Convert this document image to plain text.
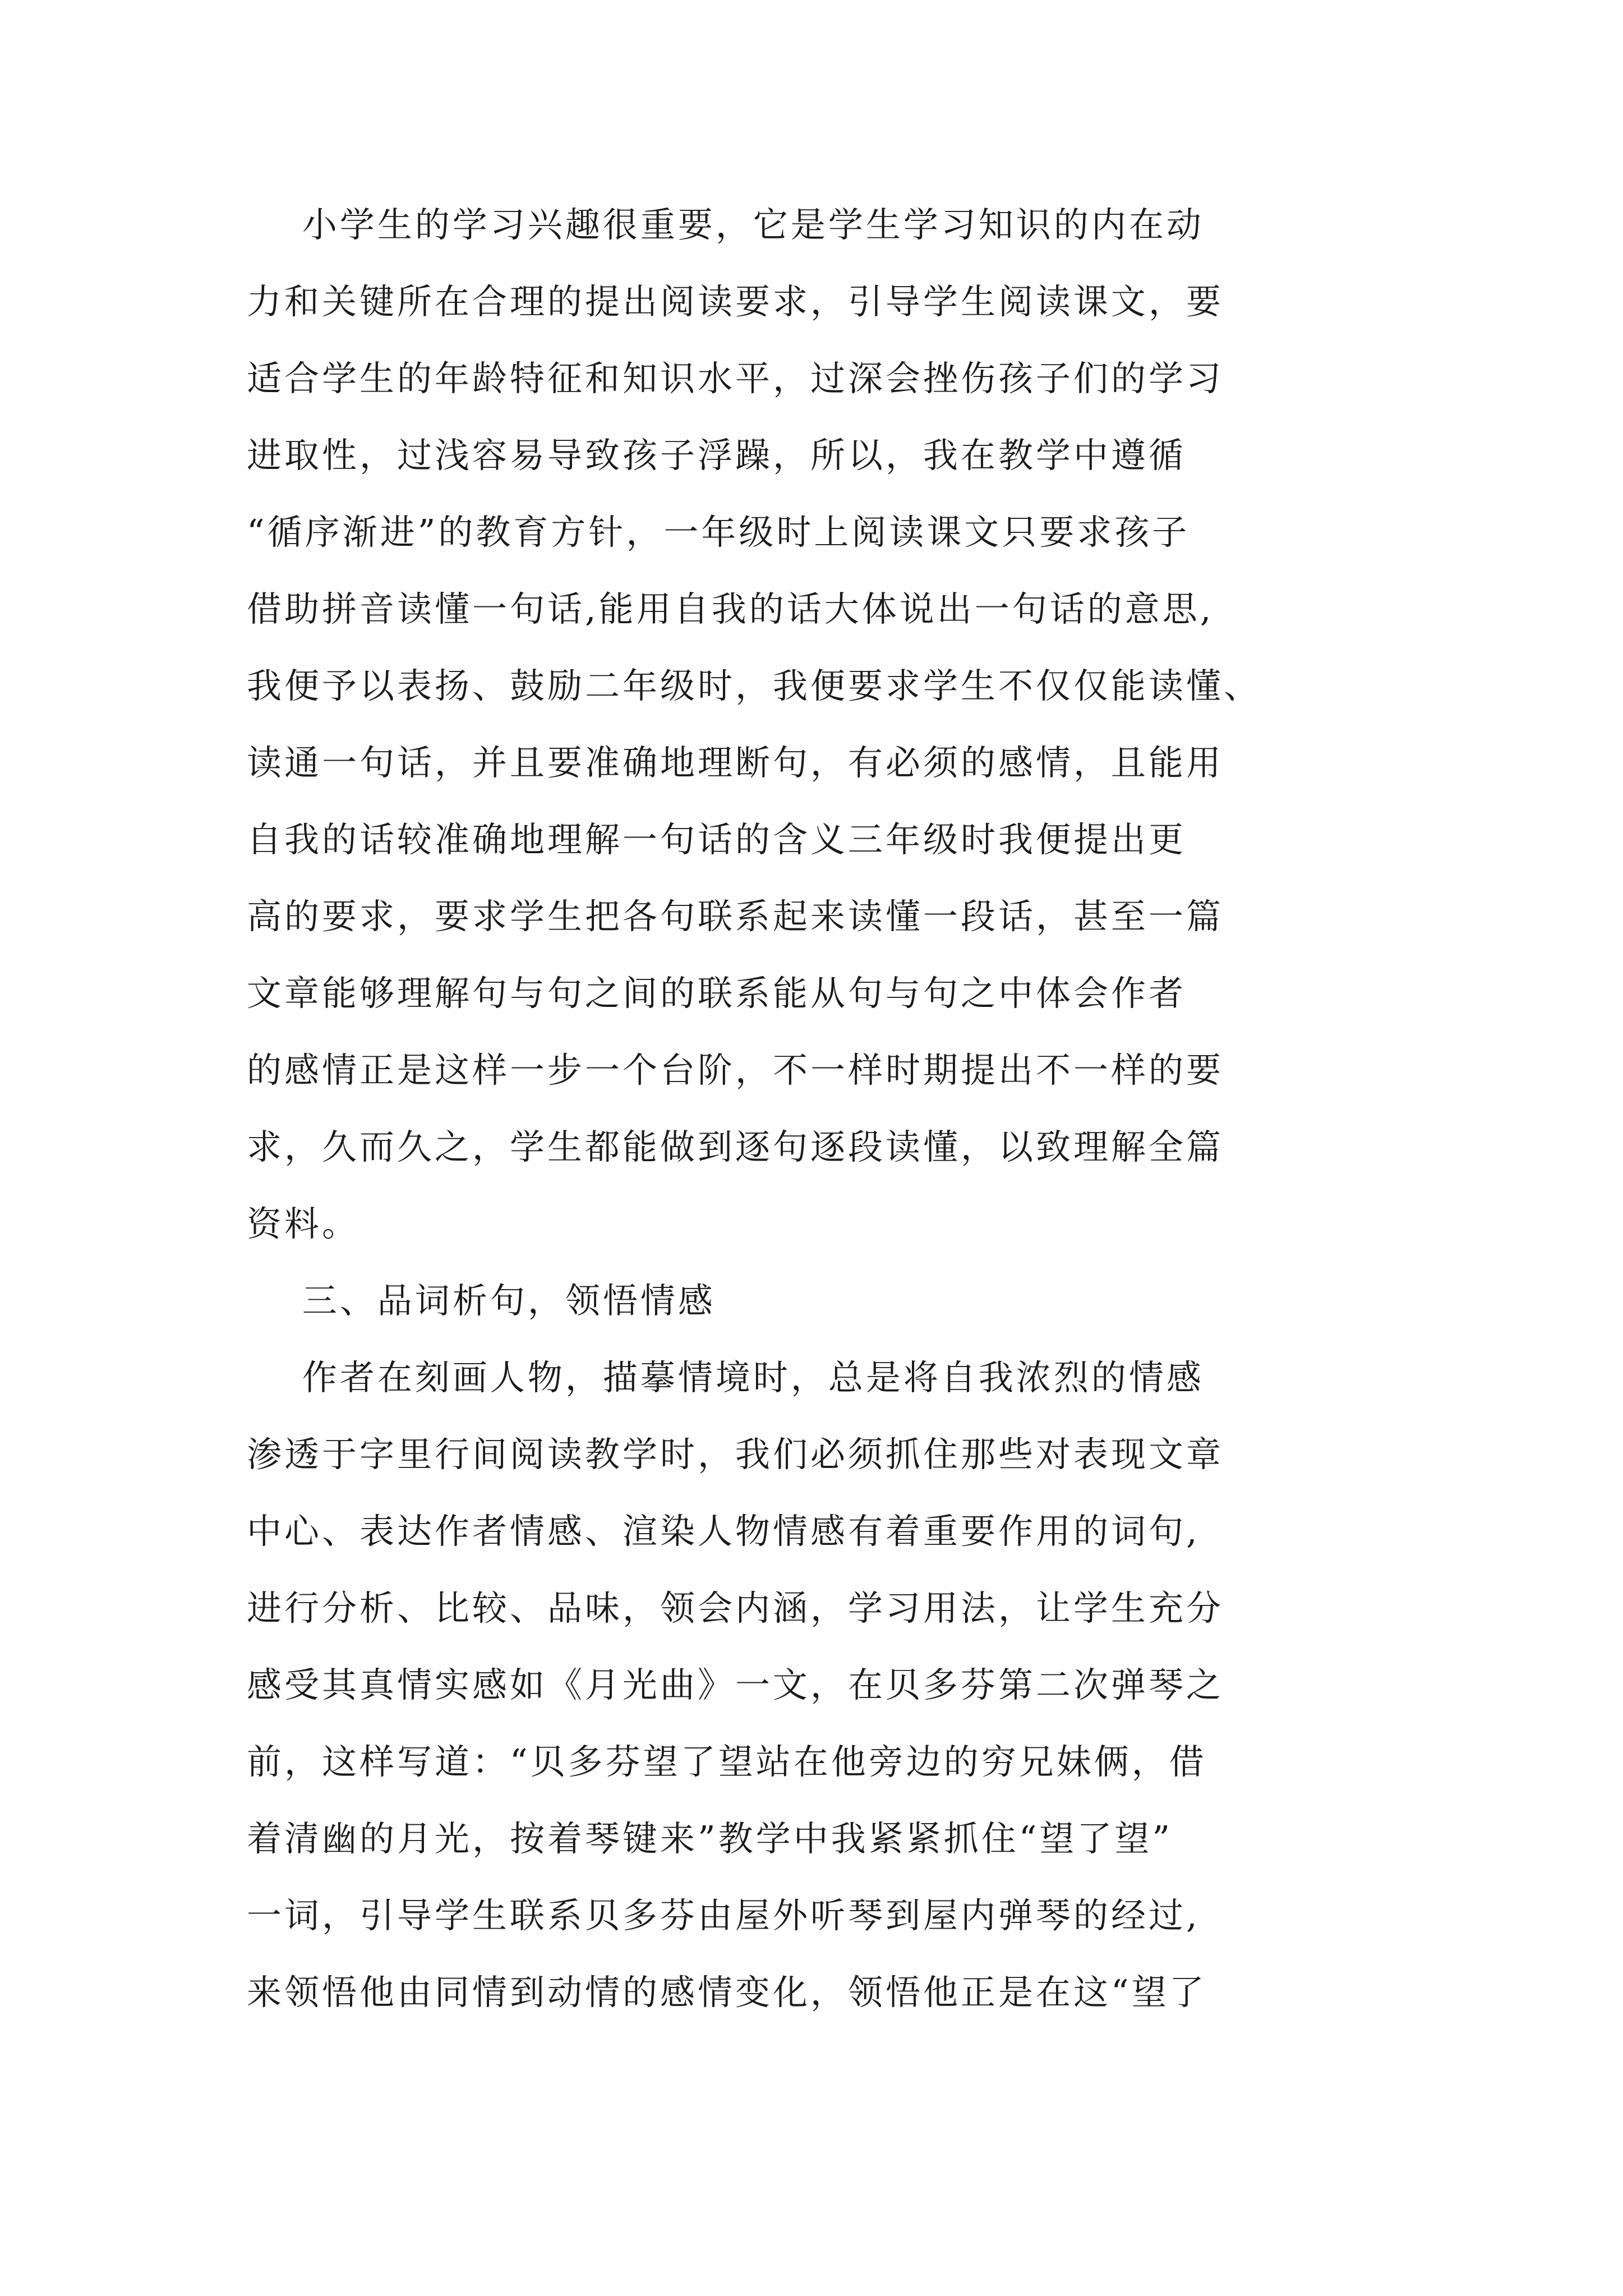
小学生的学习兴趣很重要，它是学生学习知识的内在动
力和关键所在合理的提出阅读要求，引导学生阅读课文，要
适合学生的年龄特征和知识水平，过深会挫伤孩子们的学习
进取性，过浅容易导致孩子浮躁，所以，我在教学中遵循
“循序渐进”的教育方针，一年级时上阅读课文只要求孩子
借助拼音读懂一句话,能用自我的话大体说出一句话的意思,
我便予以表扬、鼓励二年级时，我便要求学生不仅仅能读懂、
读通一句话，并且要准确地理断句，有必须的感情，且能用
自我的话较准确地理解一句话的含义三年级时我便提出更
高的要求，要求学生把各句联系起来读懂一段话，甚至一篇
文章能够理解句与句之间的联系能从句与句之中体会作者
的感情正是这样一步一个台阶，不一样时期提出不一样的要
求，久而久之，学生都能做到逐句逐段读懂，以致理解全篇
资料。
三、品词析句，领悟情感
作者在刻画人物，描摹情境时，总是将自我浓烈的情感
渗透于字里行间阅读教学时，我们必须抓住那些对表现文章
中心、表达作者情感、渲染人物情感有着重要作用的词句,
进行分析、比较、品味，领会内涵，学习用法，让学生充分
感受其真情实感如《月光曲》一文，在贝多芬第二次弹琴之
前，这样写道：“贝多芬望了望站在他旁边的穷兄妹俩，借
着清幽的月光，按着琴键来”教学中我紧紧抓住“望了望”
一词，引导学生联系贝多芬由屋外听琴到屋内弹琴的经过,
来领悟他由同情到动情的感情变化，领悟他正是在这“望了
